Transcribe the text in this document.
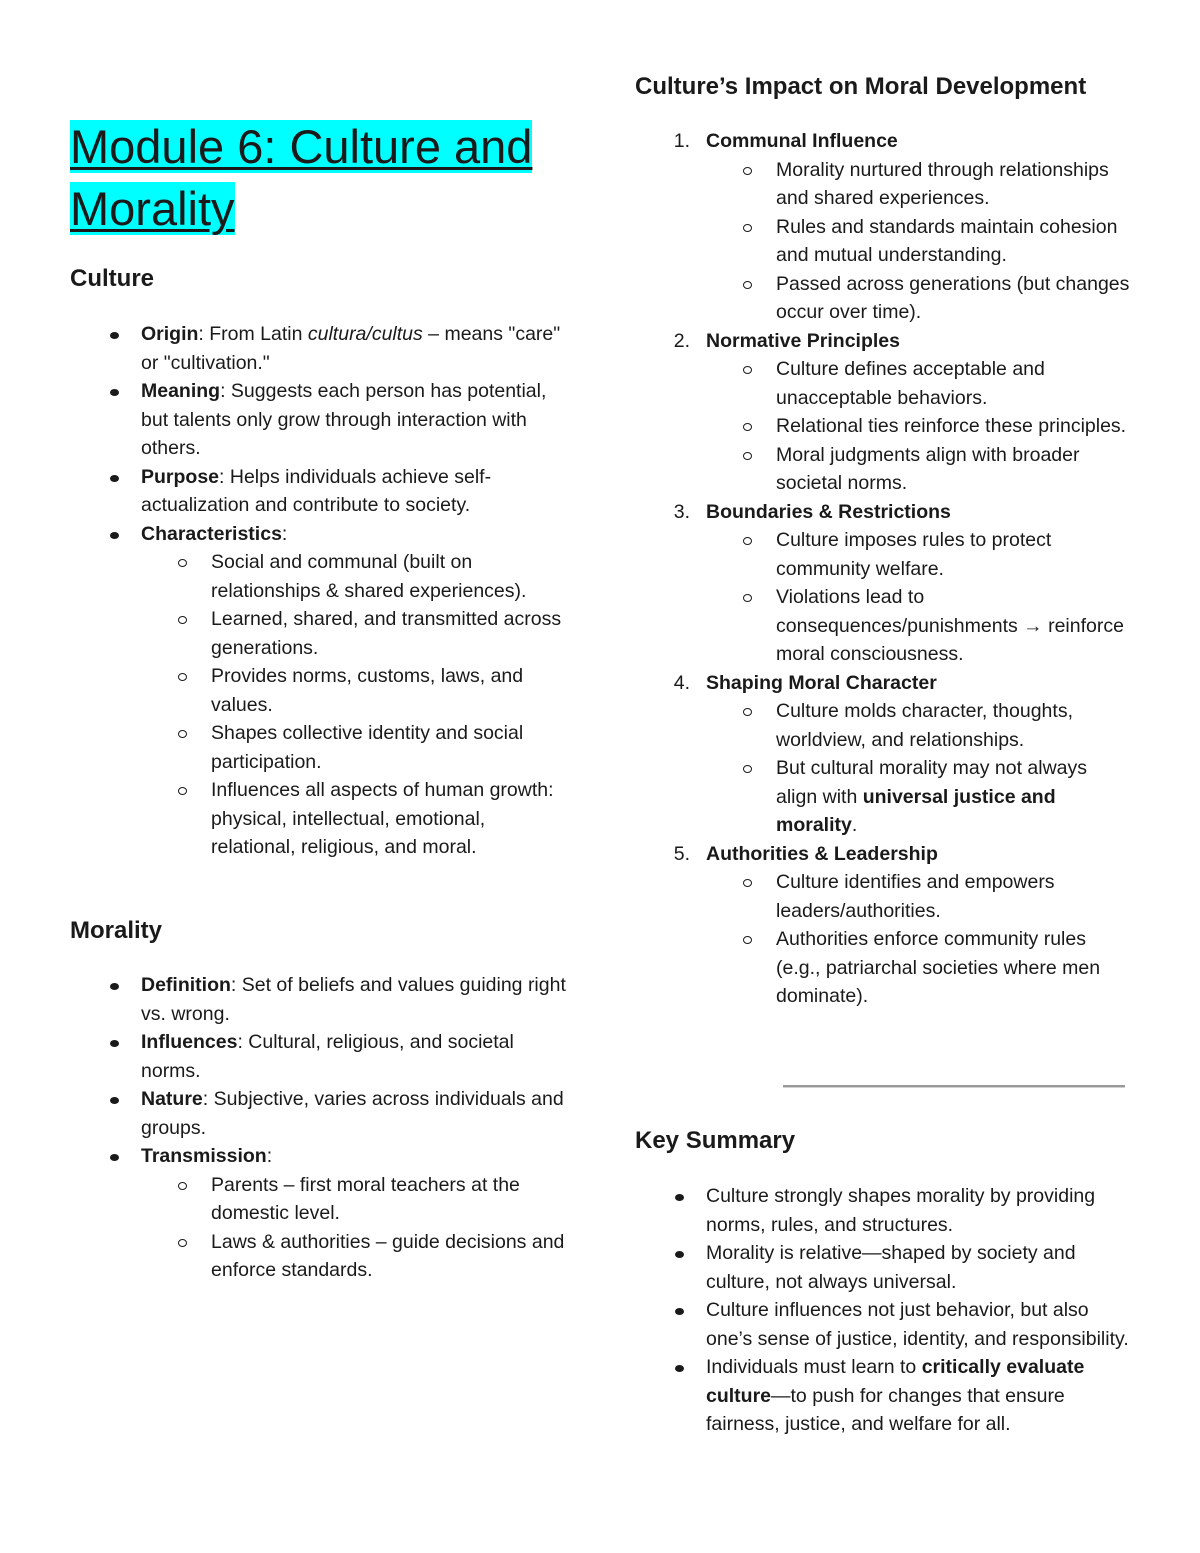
Module 6: Culture and Morality
Culture
Origin: From Latin cultura/cultus – means "care" or "cultivation."
Meaning: Suggests each person has potential, but talents only grow through interaction with others.
Purpose: Helps individuals achieve self-actualization and contribute to society.
Characteristics:
Social and communal (built on relationships & shared experiences).
Learned, shared, and transmitted across generations.
Provides norms, customs, laws, and values.
Shapes collective identity and social participation.
Influences all aspects of human growth: physical, intellectual, emotional, relational, religious, and moral.
Morality
Definition: Set of beliefs and values guiding right vs. wrong.
Influences: Cultural, religious, and societal norms.
Nature: Subjective, varies across individuals and groups.
Transmission:
Parents – first moral teachers at the domestic level.
Laws & authorities – guide decisions and enforce standards.
Culture’s Impact on Moral Development
1. Communal Influence
Morality nurtured through relationships and shared experiences.
Rules and standards maintain cohesion and mutual understanding.
Passed across generations (but changes occur over time).
2. Normative Principles
Culture defines acceptable and unacceptable behaviors.
Relational ties reinforce these principles.
Moral judgments align with broader societal norms.
3. Boundaries & Restrictions
Culture imposes rules to protect community welfare.
Violations lead to consequences/punishments → reinforce moral consciousness.
4. Shaping Moral Character
Culture molds character, thoughts, worldview, and relationships.
But cultural morality may not always align with universal justice and morality.
5. Authorities & Leadership
Culture identifies and empowers leaders/authorities.
Authorities enforce community rules (e.g., patriarchal societies where men dominate).
Key Summary
Culture strongly shapes morality by providing norms, rules, and structures.
Morality is relative—shaped by society and culture, not always universal.
Culture influences not just behavior, but also one’s sense of justice, identity, and responsibility.
Individuals must learn to critically evaluate culture—to push for changes that ensure fairness, justice, and welfare for all.
